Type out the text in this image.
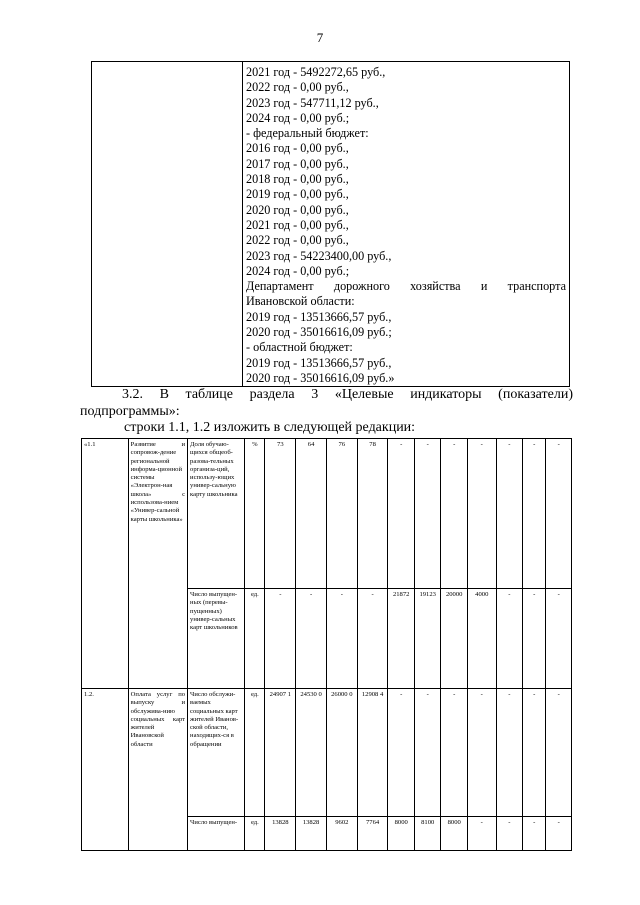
7

2021 год - 5492272,65 руб.,
2022 год - 0,00 руб.,
2023 год - 547711,12 руб.,
2024 год - 0,00 руб.;
- федеральный бюджет:
2016 год - 0,00 руб.,
2017 год - 0,00 руб.,
2018 год - 0,00 руб.,
2019 год - 0,00 руб.,
2020 год - 0,00 руб.,
2021 год - 0,00 руб.,
2022 год - 0,00 руб.,
2023 год - 54223400,00 руб.,
2024 год - 0,00 руб.;
Департамент дорожного хозяйства и транспорта
Ивановской области:
2019 год - 13513666,57 руб.,
2020 год - 35016616,09 руб.;
- областной бюджет:
2019 год - 13513666,57 руб.,
2020 год - 35016616,09 руб.»
3.2. В таблице раздела 3 «Целевые индикаторы (показатели) подпрограммы»:
строки 1.1, 1.2 изложить в следующей редакции:
«1.1	Развитие и сопровож-дение региональной информа-ционной системы «Электрон-ная школа» с использова-нием «Универ-сальной карты школьника»	Доля обучаю-щихся общеоб-разова-тельных организа-ций, использу-ющих универ-сальную карту школьника	%	73	64	76	78	-	-	-	-	-	-	-
		Число выпущен-ных (перевы-пущенных) универ-сальных карт школьников	ед.	-	-	-	-	21872	19123	20000	4000	-	-	-
1.2.	Оплата услуг по выпуску и обслужива-нию социальных карт жителей Ивановской области	Число обслужи-ваемых социальных карт жителей Иванов-ской области, находящих-ся в обращении	ед.	24907 1	24530 0	26000 0	12908 4	-	-	-	-	-	-	-
		Число выпущен-	ед.	13828	13828	9602	7764	8000	8100	8000	-	-	-	-
